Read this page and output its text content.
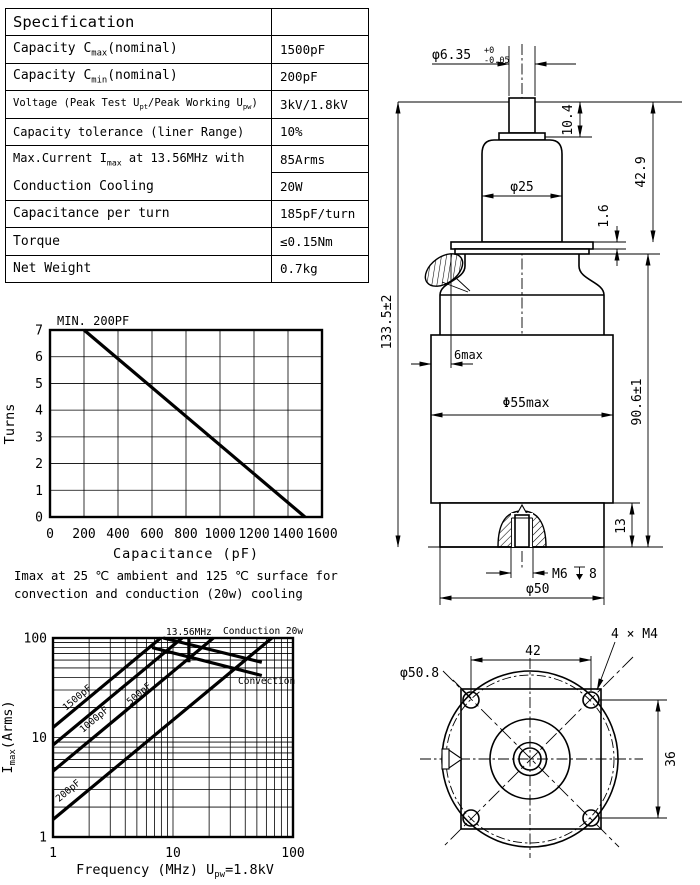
Specification	
Capacity $C_{max}(nominal)$	1500pF
Capacity $C_{min}(nominal)$	200pF
Voltage (Peak Test $U_{pt}$/Peak Working $U_{pw}$)	3kV/1.8kV
Capacity tolerance (liner Range)	10%
Max.Current $I_{max}$ at 13.56MHz with	85Arms
Conduction Cooling	20W
Capacitance per turn	185pF/turn
Torque	≤0.15Nm
Net Weight	0.7kg
0 200 400 600 800 1000 1200 1400 1600
0
1
2
3
4
5
6
7
MIN. 200PF
Turns
Capacitance (pF)
Imax at 25 ℃ ambient and 125 ℃ surface for
convection and conduction (20w) cooling
1500pF
1000pF
500pF
200pF
1	10	100
1
10
100	13.56MHz Conduction 20w
Convection
$I_{max}(Arms)$
Frequency (MHz) $U_{pw}=1.8kV$
φ6.35 +0
-0.05
10.4
φ25
1.6
42.9
6max
Φ55max	90.6±1
133.5±2
13
M6 8
φ50
φ50.8
42
4 × M4
36
